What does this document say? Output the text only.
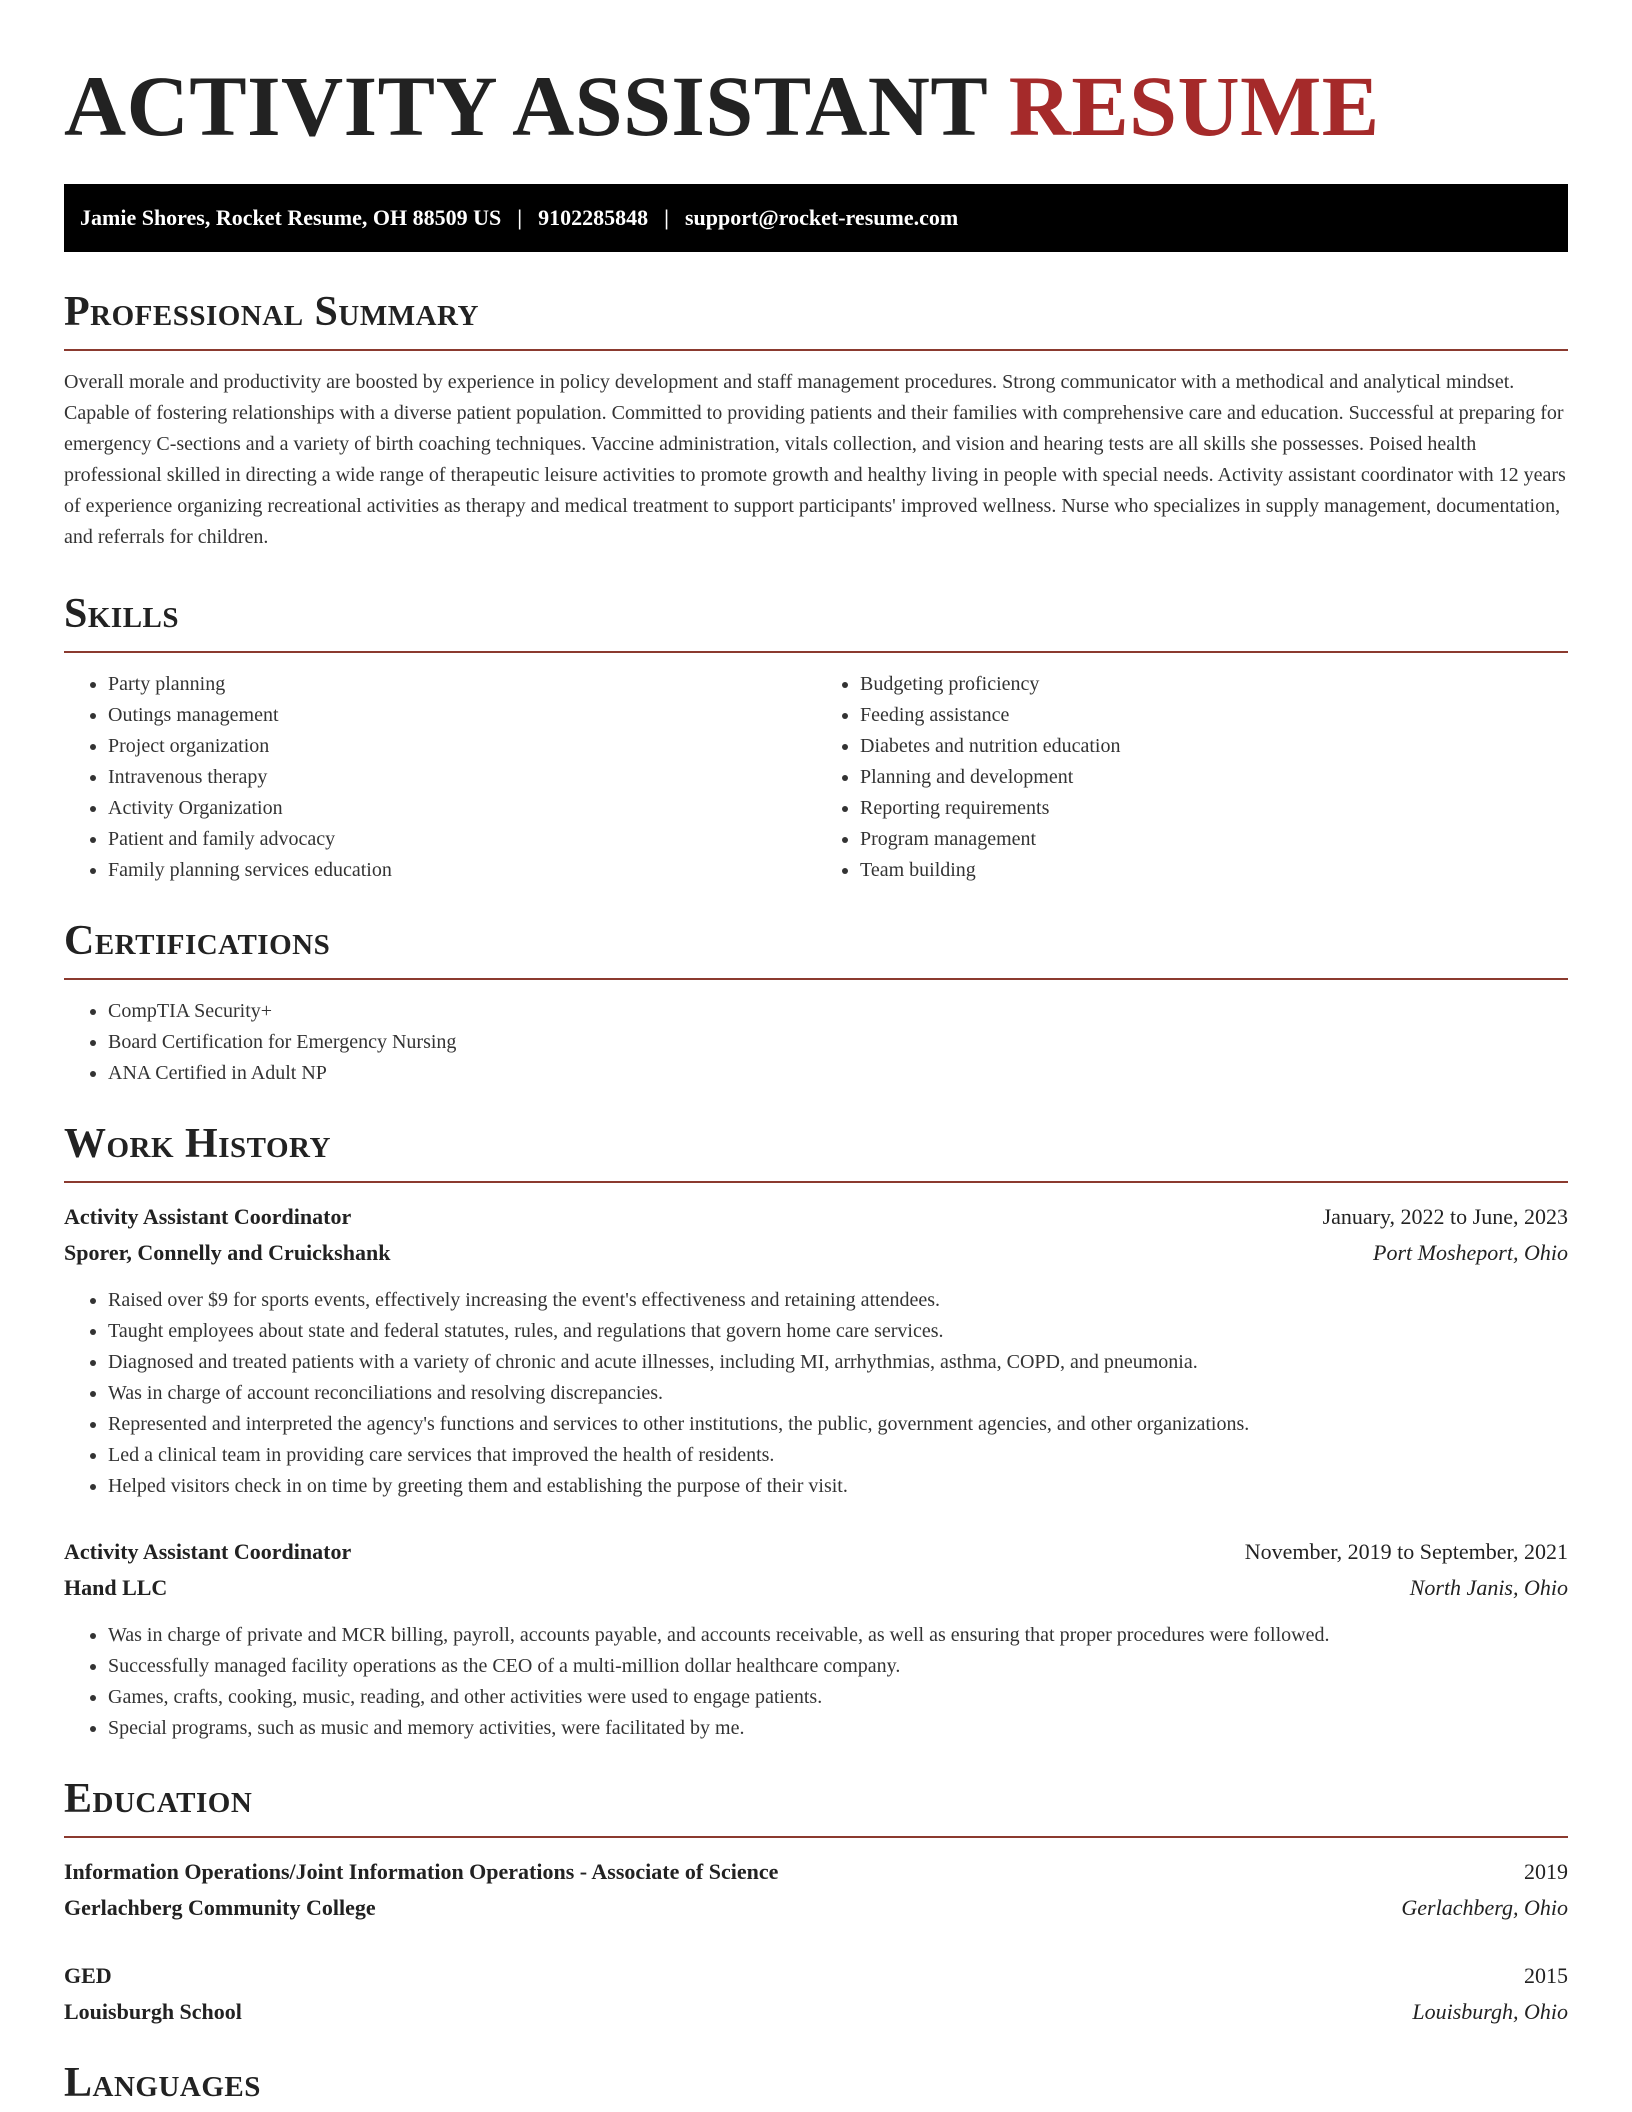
ACTIVITY ASSISTANT RESUME
Jamie Shores, Rocket Resume, OH 88509 US | 9102285848 | support@rocket-resume.com
Professional Summary

Overall morale and productivity are boosted by experience in policy development and staff management procedures. Strong communicator with a methodical and analytical mindset. Capable of fostering relationships with a diverse patient population. Committed to providing patients and their families with comprehensive care and education. Successful at preparing for emergency C-sections and a variety of birth coaching techniques. Vaccine administration, vitals collection, and vision and hearing tests are all skills she possesses. Poised health professional skilled in directing a wide range of therapeutic leisure activities to promote growth and healthy living in people with special needs. Activity assistant coordinator with 12 years of experience organizing recreational activities as therapy and medical treatment to support participants' improved wellness. Nurse who specializes in supply management, documentation, and referrals for children.

Skills
• Party planning
• Outings management
• Project organization
• Intravenous therapy
• Activity Organization
• Patient and family advocacy
• Family planning services education
• Budgeting proficiency
• Feeding assistance
• Diabetes and nutrition education
• Planning and development
• Reporting requirements
• Program management
• Team building
Certifications
• CompTIA Security+
• Board Certification for Emergency Nursing
• ANA Certified in Adult NP
Work History
Activity Assistant Coordinator	January, 2022 to June, 2023
Sporer, Connelly and Cruickshank	Port Mosheport, Ohio
• Raised over $9 for sports events, effectively increasing the event's effectiveness and retaining attendees.
• Taught employees about state and federal statutes, rules, and regulations that govern home care services.
• Diagnosed and treated patients with a variety of chronic and acute illnesses, including MI, arrhythmias, asthma, COPD, and pneumonia.
• Was in charge of account reconciliations and resolving discrepancies.
• Represented and interpreted the agency's functions and services to other institutions, the public, government agencies, and other organizations.
• Led a clinical team in providing care services that improved the health of residents.
• Helped visitors check in on time by greeting them and establishing the purpose of their visit.
Activity Assistant Coordinator	November, 2019 to September, 2021
Hand LLC	North Janis, Ohio
• Was in charge of private and MCR billing, payroll, accounts payable, and accounts receivable, as well as ensuring that proper procedures were followed.
• Successfully managed facility operations as the CEO of a multi-million dollar healthcare company.
• Games, crafts, cooking, music, reading, and other activities were used to engage patients.
• Special programs, such as music and memory activities, were facilitated by me.
Education
Information Operations/Joint Information Operations - Associate of Science	2019
Gerlachberg Community College	Gerlachberg, Ohio
GED	2015
Louisburgh School	Louisburgh, Ohio
Languages
